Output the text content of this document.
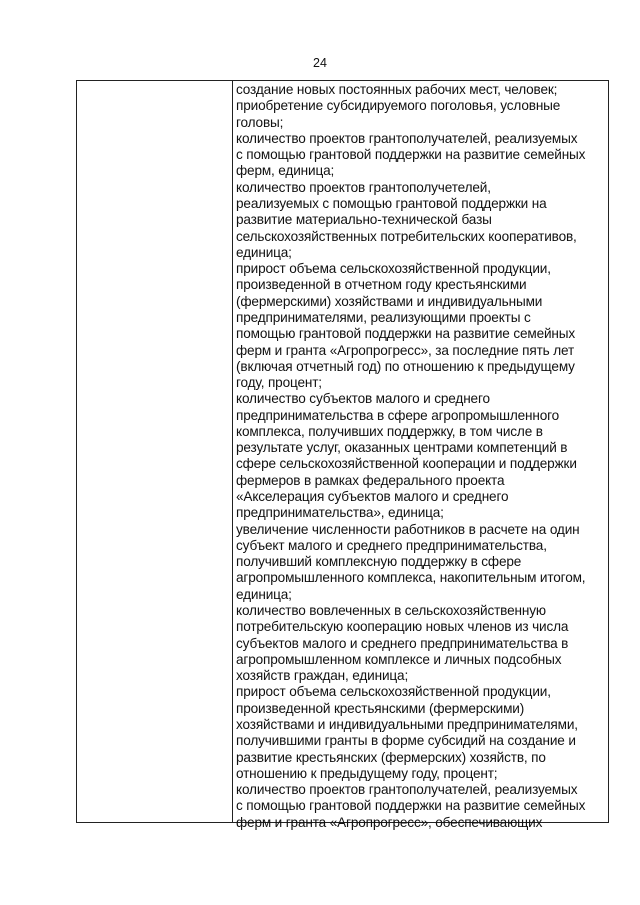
24
создание новых постоянных рабочих мест, человек;
приобретение субсидируемого поголовья, условные
головы;
количество проектов грантополучателей, реализуемых
с помощью грантовой поддержки на развитие семейных
ферм, единица;
количество проектов грантополучетелей,
реализуемых с помощью грантовой поддержки на
развитие материально-технической базы
сельскохозяйственных потребительских кооперативов,
единица;
прирост объема сельскохозяйственной продукции,
произведенной в отчетном году крестьянскими
(фермерскими) хозяйствами и индивидуальными
предпринимателями, реализующими проекты с
помощью грантовой поддержки на развитие семейных
ферм и гранта «Агропрогресс», за последние пять лет
(включая отчетный год) по отношению к предыдущему
году, процент;
количество субъектов малого и среднего
предпринимательства в сфере агропромышленного
комплекса, получивших поддержку, в том числе в
результате услуг, оказанных центрами компетенций в
сфере сельскохозяйственной кооперации и поддержки
фермеров в рамках федерального проекта
«Акселерация субъектов малого и среднего
предпринимательства», единица;
увеличение численности работников в расчете на один
субъект малого и среднего предпринимательства,
получивший комплексную поддержку в сфере
агропромышленного комплекса, накопительным итогом,
единица;
количество вовлеченных в сельскохозяйственную
потребительскую кооперацию новых членов из числа
субъектов малого и среднего предпринимательства в
агропромышленном комплексе и личных подсобных
хозяйств граждан, единица;
прирост объема сельскохозяйственной продукции,
произведенной крестьянскими (фермерскими)
хозяйствами и индивидуальными предпринимателями,
получившими гранты в форме субсидий на создание и
развитие крестьянских (фермерских) хозяйств, по
отношению к предыдущему году, процент;
количество проектов грантополучателей, реализуемых
с помощью грантовой поддержки на развитие семейных
ферм и гранта «Агропрогресс», обеспечивающих
